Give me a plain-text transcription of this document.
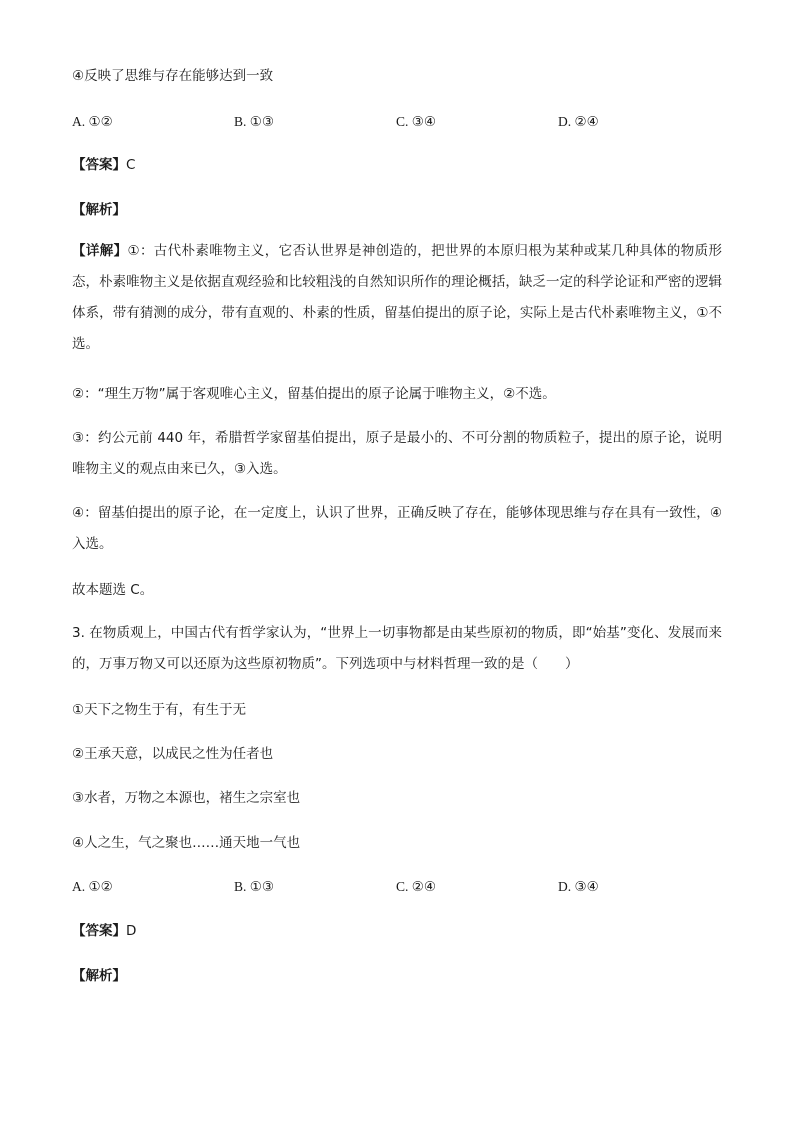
④反映了思维与存在能够达到一致
A. ①②	B. ①③	C. ③④	D. ②④
【答案】C
【解析】
【详解】①：古代朴素唯物主义，它否认世界是神创造的，把世界的本原归根为某种或某几种具体的物质形态，朴素唯物主义是依据直观经验和比较粗浅的自然知识所作的理论概括，缺乏一定的科学论证和严密的逻辑体系，带有猜测的成分，带有直观的、朴素的性质，留基伯提出的原子论，实际上是古代朴素唯物主义，①不选。
②：“理生万物”属于客观唯心主义，留基伯提出的原子论属于唯物主义，②不选。
③：约公元前 440 年，希腊哲学家留基伯提出，原子是最小的、不可分割的物质粒子，提出的原子论，说明唯物主义的观点由来已久，③入选。
④：留基伯提出的原子论，在一定度上，认识了世界，正确反映了存在，能够体现思维与存在具有一致性，④入选。
故本题选 C。
3. 在物质观上，中国古代有哲学家认为，“世界上一切事物都是由某些原初的物质，即“始基”变化、发展而来的，万事万物又可以还原为这些原初物质”。下列选项中与材料哲理一致的是（　　）
①天下之物生于有，有生于无
②王承天意，以成民之性为任者也
③水者，万物之本源也，褚生之宗室也
④人之生，气之聚也……通天地一气也
A. ①②	B. ①③	C. ②④	D. ③④
【答案】D
【解析】
